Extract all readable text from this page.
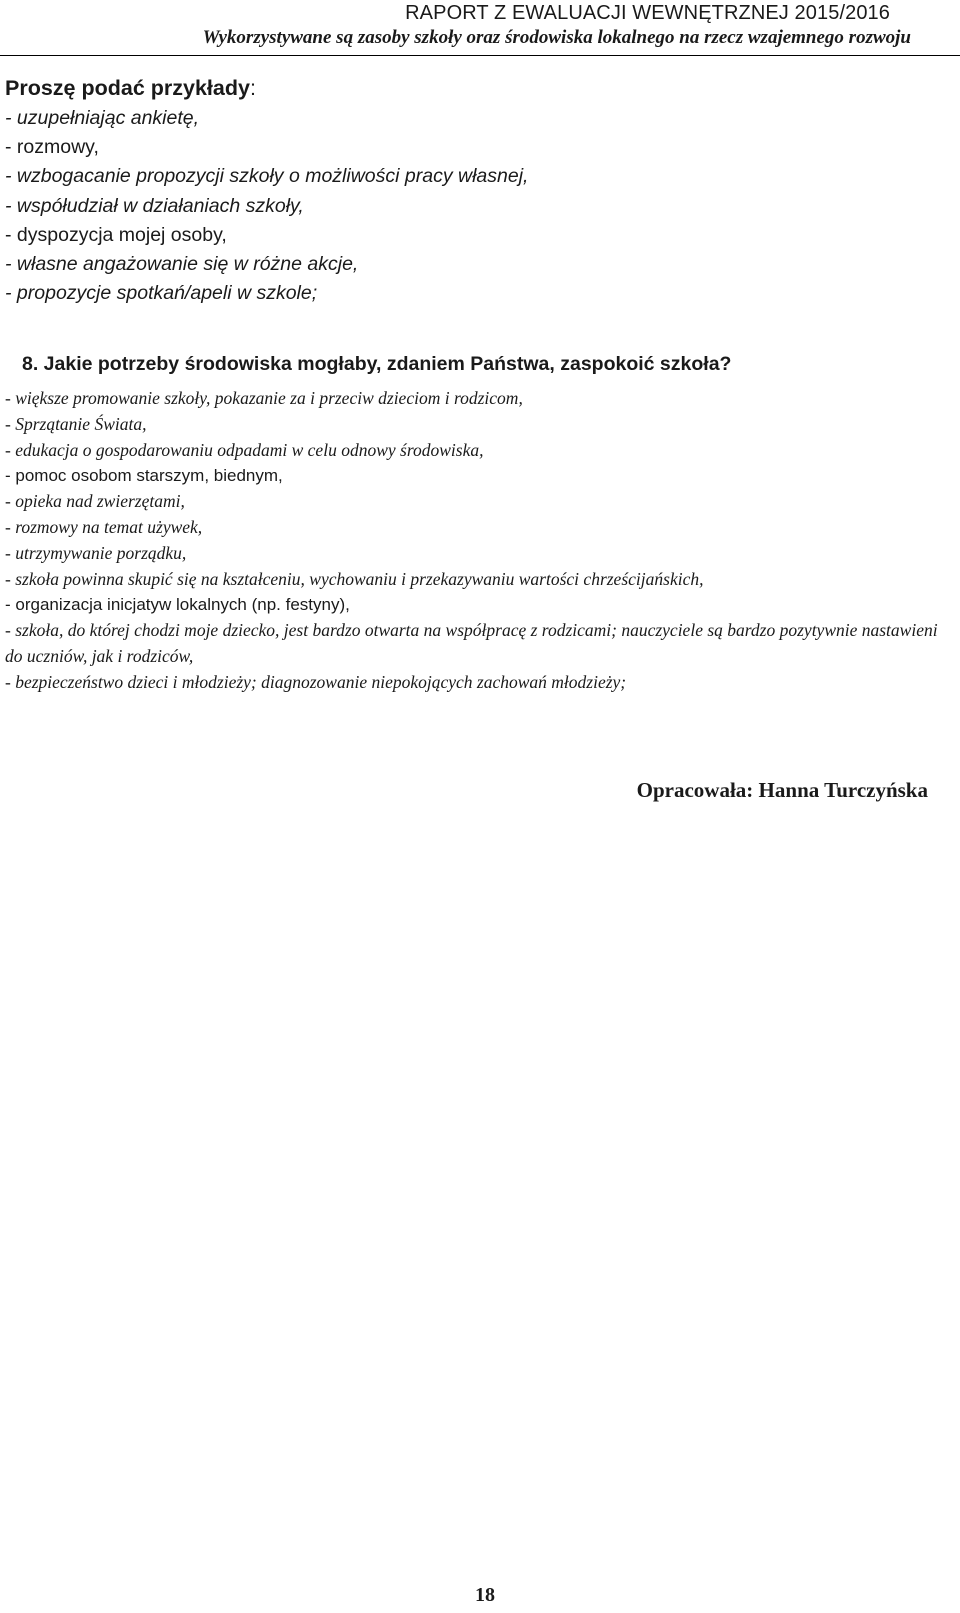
RAPORT Z EWALUACJI WEWNĘTRZNEJ 2015/2016
Wykorzystywane są zasoby szkoły oraz środowiska lokalnego na rzecz wzajemnego rozwoju
Proszę podać przykłady:
- uzupełniając ankietę,
- rozmowy,
- wzbogacanie propozycji szkoły o możliwości pracy własnej,
- współudział w działaniach szkoły,
- dyspozycja mojej osoby,
- własne angażowanie się w różne akcje,
- propozycje spotkań/apeli w szkole;
8. Jakie potrzeby środowiska mogłaby, zdaniem Państwa, zaspokoić szkoła?
- większe promowanie szkoły, pokazanie za i przeciw dzieciom i rodzicom,
- Sprzątanie Świata,
- edukacja o gospodarowaniu odpadami w celu odnowy środowiska,
- pomoc osobom starszym, biednym,
- opieka nad zwierzętami,
- rozmowy na temat używek,
- utrzymywanie porządku,
- szkoła powinna skupić się na kształceniu, wychowaniu i przekazywaniu wartości chrześcijańskich,
- organizacja inicjatyw lokalnych (np. festyny),
- szkoła, do której chodzi moje dziecko, jest bardzo otwarta na współpracę z rodzicami; nauczyciele są bardzo pozytywnie nastawieni do uczniów, jak i rodziców,
- bezpieczeństwo dzieci i młodzieży; diagnozowanie niepokojących zachowań młodzieży;
Opracowała: Hanna Turczyńska
18
